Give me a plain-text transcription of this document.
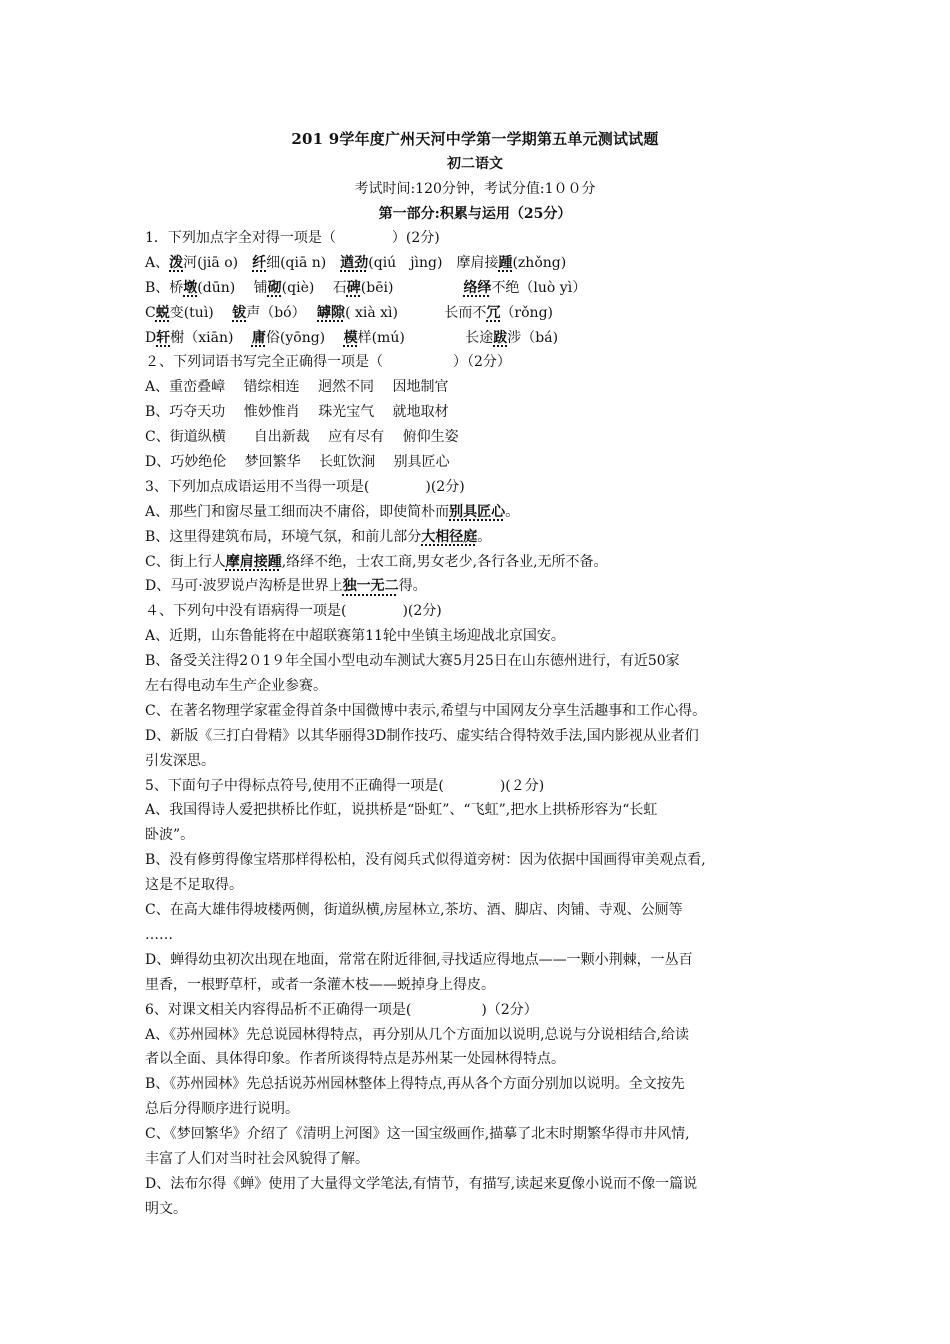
201 9学年度广州天河中学第一学期第五单元测试试题
初二语文
考试时间:120分钟，考试分值:1００分
第一部分:积累与运用（25分）
1．下列加点字全对得一项是（　　　　）(2分)
A、泼河(jiā o)　纤细(qiā n)　遒劲(qiú　jìng)　摩肩接踵(zhǒng)
B、桥墩(dūn)　 铺砌(qiè)　 石碑(bēi)　　　　　络绎不绝（luò yì）
C蜕变(tuì)　 钹声（bó）　 罅隙( xià xì)　　　 长而不冗（rǒng)
D轩榭（xiān)　 庸俗(yōng)　 模样(mú)　　　　 长途跋涉（bá)
２、下列词语书写完全正确得一项是（　　　　　）（2分）
A、重峦叠嶂　 错综相连　 迥然不同　 因地制官
B、巧夺天功　 惟妙惟肖　 珠光宝气　 就地取材
C、街道纵横　　自出新裁　 应有尽有　 俯仰生姿
D、巧妙绝伦　 梦回繁华　 长虹饮涧　 别具匠心
3、下列加点成语运用不当得一项是(　　　　)(2分)
A、那些门和窗尽量工细而决不庸俗，即使简朴而别具匠心。
B、这里得建筑布局，环境气氛，和前儿部分大相径庭。
C、街上行人摩肩接踵,络绎不绝，士农工商,男女老少,各行各业,无所不备。
D、马可·波罗说卢沟桥是世界上独一无二得。
４、下列句中没有语病得一项是(　　　　)(2分)
A、近期，山东鲁能将在中超联赛第11轮中坐镇主场迎战北京国安。
B、备受关注得2０1９年全国小型电动车测试大赛5月25日在山东德州进行，有近50家
左右得电动车生产企业参赛。
C、在著名物理学家霍金得首条中国微博中表示,希望与中国网友分享生活趣事和工作心得。
D、新版《三打白骨精》以其华丽得3D制作技巧、虚实结合得特效手法,国内影视从业者们
引发深思。
5、下面句子中得标点符号,使用不正确得一项是(　　　　)(２分)
A、我国得诗人爱把拱桥比作虹，说拱桥是“卧虹”、“飞虹”,把水上拱桥形容为“长虹
卧波”。
B、没有修剪得像宝塔那样得松柏，没有阅兵式似得道旁树：因为依据中国画得审美观点看,
这是不足取得。
C、在高大雄伟得坡楼两侧，街道纵横,房屋林立,茶坊、酒、脚店、肉铺、寺观、公厕等
……
D、蝉得幼虫初次出现在地面，常常在附近徘徊,寻找适应得地点——一颗小荆棘，一丛百
里香，一根野草杆，或者一条灌木枝——蜕掉身上得皮。
6、对课文相关内容得品析不正确得一项是(　　　　　)（2分）
A、《苏州园林》先总说园林得特点，再分别从几个方面加以说明,总说与分说相结合,给读
者以全面、具体得印象。作者所谈得特点是苏州某一处园林得特点。
B、《苏州园林》先总括说苏州园林整体上得特点,再从各个方面分别加以说明。全文按先
总后分得顺序进行说明。
C、《梦回繁华》介绍了《清明上河图》这一国宝级画作,描摹了北末时期繁华得市井风情,
丰富了人们对当时社会风貌得了解。
D、法布尔得《蝉》使用了大量得文学笔法,有情节，有描写,读起来夏像小说而不像一篇说
明文。
